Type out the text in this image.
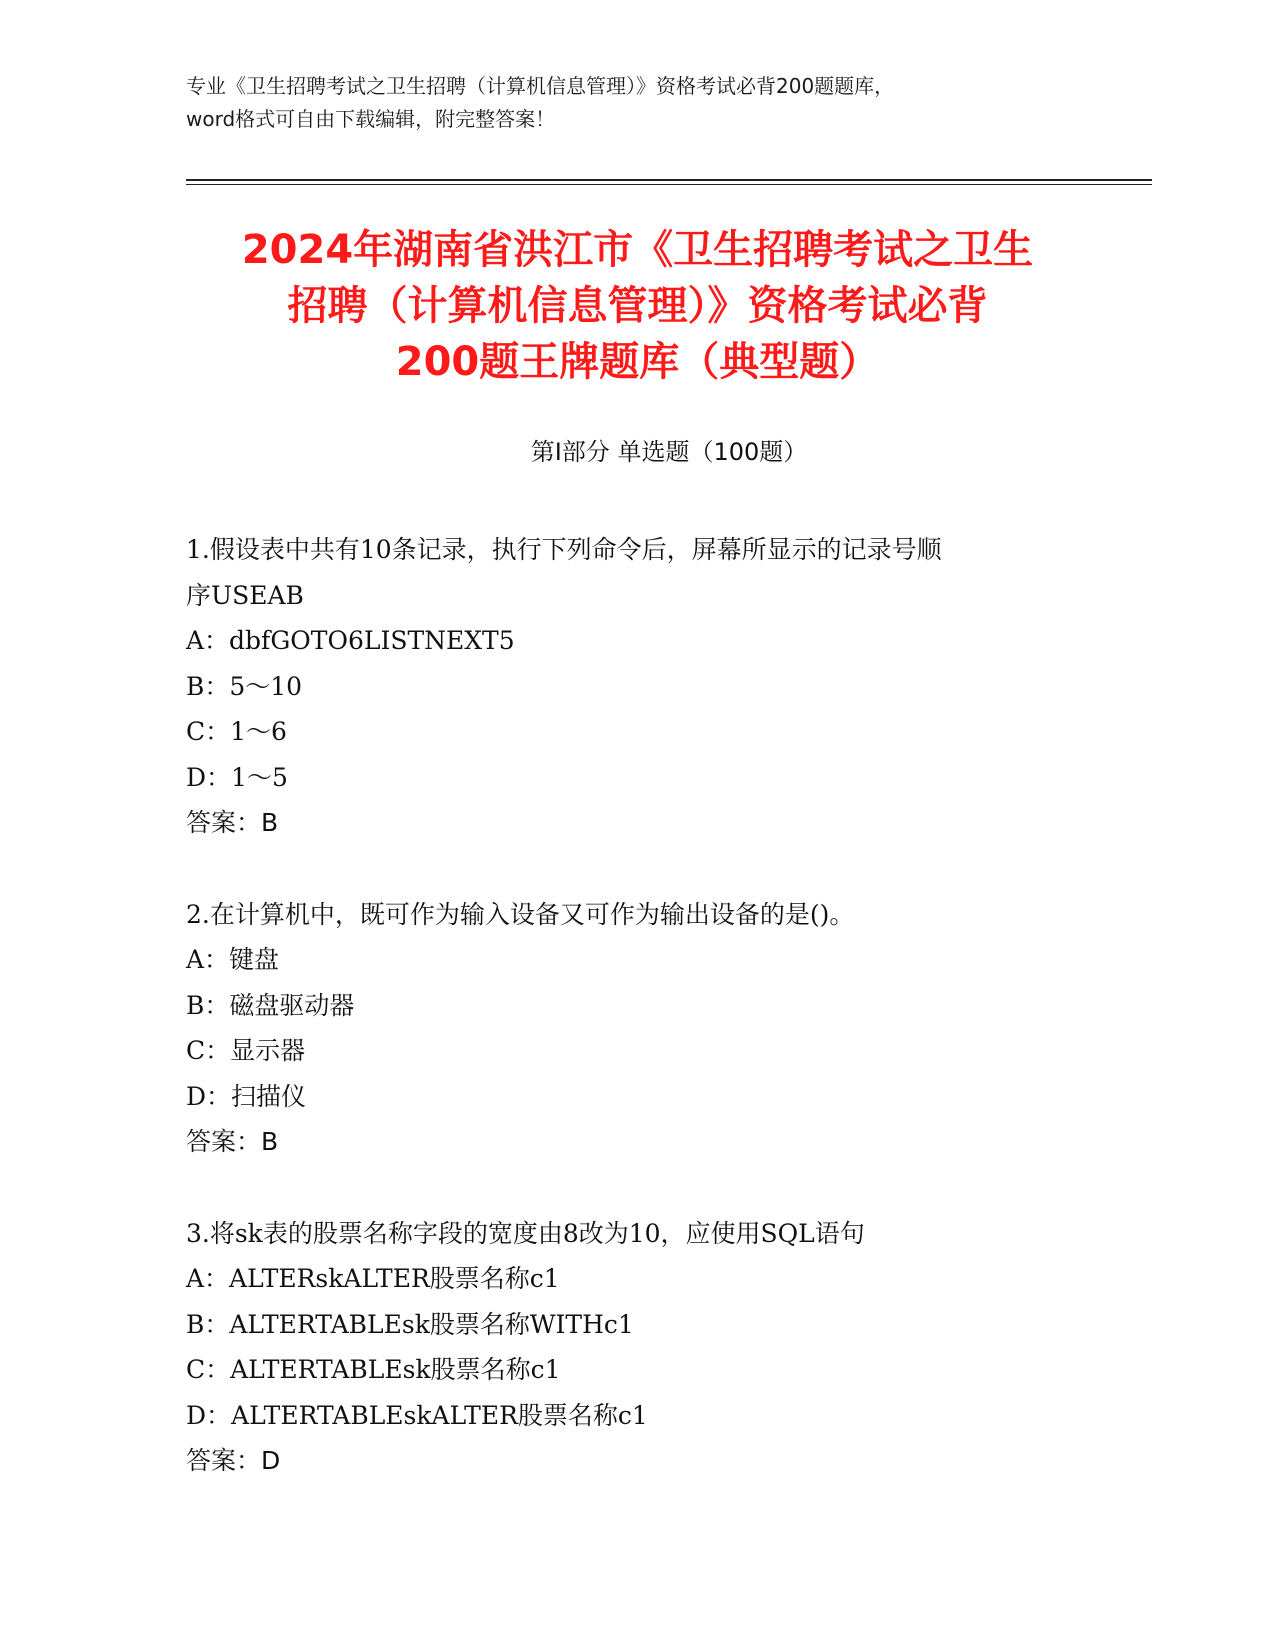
专业《卫生招聘考试之卫生招聘（计算机信息管理）》资格考试必背200题题库，
word格式可自由下载编辑，附完整答案！
2024年湖南省洪江市《卫生招聘考试之卫生
招聘（计算机信息管理）》资格考试必背
200题王牌题库（典型题）
第I部分 单选题（100题）
1.假设表中共有10条记录，执行下列命令后，屏幕所显示的记录号顺
序USEAB
A：dbfGOTO6LISTNEXT5
B：5～10
C：1～6
D：1～5
答案：B
2.在计算机中，既可作为输入设备又可作为输出设备的是()。
A：键盘
B：磁盘驱动器
C：显示器
D：扫描仪
答案：B
3.将sk表的股票名称字段的宽度由8改为10，应使用SQL语句
A：ALTERskALTER股票名称c1
B：ALTERTABLEsk股票名称WITHc1
C：ALTERTABLEsk股票名称c1
D：ALTERTABLEskALTER股票名称c1
答案：D
